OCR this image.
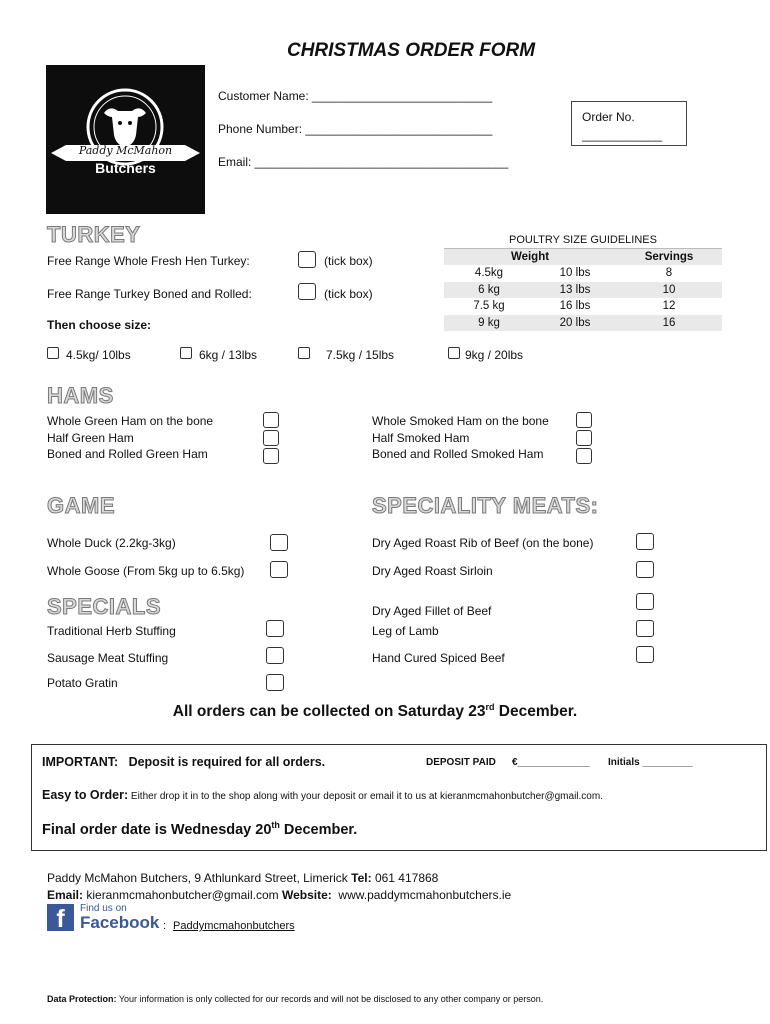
CHRISTMAS ORDER FORM
Paddy McMahon
Butchers
Customer Name: ___________________________
Phone Number: ____________________________
Email: ______________________________________
Order No.
____________
TURKEY
Free Range Whole Fresh Hen Turkey:	(tick box)
Free Range Turkey Boned and Rolled:	(tick box)
Then choose size:
4.5kg/ 10lbs	6kg / 13lbs	7.5kg / 15lbs	9kg / 20lbs
POULTRY SIZE GUIDELINES
Weight		Servings
4.5kg	10 lbs	8
6 kg	13 lbs	10
7.5 kg	16 lbs	12
9 kg	20 lbs	16
HAMS
Whole Green Ham on the bone
Half Green Ham
Boned and Rolled Green Ham
Whole Smoked Ham on the bone
Half Smoked Ham
Boned and Rolled Smoked Ham
GAME
Whole Duck (2.2kg-3kg)
Whole Goose (From 5kg up to 6.5kg)
SPECIALITY MEATS:
Dry Aged Roast Rib of Beef (on the bone)
Dry Aged Roast Sirloin
Dry Aged Fillet of Beef
Leg of Lamb
Hand Cured Spiced Beef
SPECIALS
Traditional Herb Stuffing
Sausage Meat Stuffing
Potato Gratin
All orders can be collected on Saturday 23rd December.
IMPORTANT:   Deposit is required for all orders.	DEPOSIT PAID €_____________ Initials _________
Easy to Order: Either drop it in to the shop along with your deposit or email it to us at kieranmcmahonbutcher@gmail.com.
Final order date is Wednesday 20th December.
Paddy McMahon Butchers, 9 Athlunkard Street, Limerick Tel: 061 417868
Email: kieranmcmahonbutcher@gmail.com Website:  www.paddymcmahonbutchers.ie
f	Find us on
Facebook : Paddymcmahonbutchers
Data Protection: Your information is only collected for our records and will not be disclosed to any other company or person.
